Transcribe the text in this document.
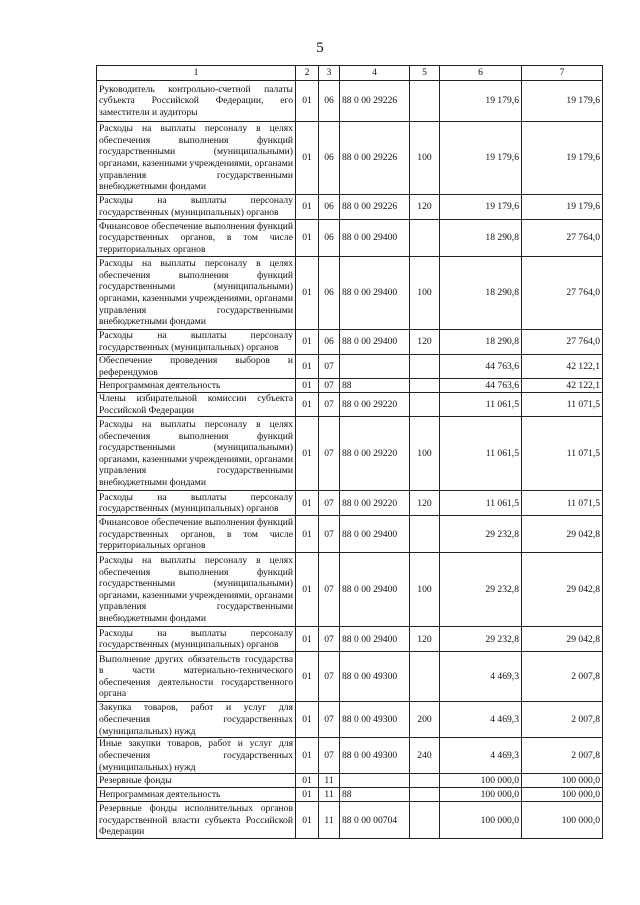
5
1	2	3	4	5	6	7
Руководитель контрольно-счетной палаты субъекта Российской Федерации, его заместители и аудиторы	01	06	88 0 00 29226		19 179,6	19 179,6
Расходы на выплаты персоналу в целях обеспечения выполнения функций государственными (муниципальными) органами, казенными учреждениями, органами управления государственными внебюджетными фондами	01	06	88 0 00 29226	100	19 179,6	19 179,6
Расходы на выплаты персоналу государственных (муниципальных) органов	01	06	88 0 00 29226	120	19 179,6	19 179,6
Финансовое обеспечение выполнения функций государственных органов, в том числе территориальных органов	01	06	88 0 00 29400		18 290,8	27 764,0
Расходы на выплаты персоналу в целях обеспечения выполнения функций государственными (муниципальными) органами, казенными учреждениями, органами управления государственными внебюджетными фондами	01	06	88 0 00 29400	100	18 290,8	27 764,0
Расходы на выплаты персоналу государственных (муниципальных) органов	01	06	88 0 00 29400	120	18 290,8	27 764,0
Обеспечение проведения выборов и референдумов	01	07			44 763,6	42 122,1
Непрограммная деятельность	01	07	88		44 763,6	42 122,1
Члены избирательной комиссии субъекта Российской Федерации	01	07	88 0 00 29220		11 061,5	11 071,5
Расходы на выплаты персоналу в целях обеспечения выполнения функций государственными (муниципальными) органами, казенными учреждениями, органами управления государственными внебюджетными фондами	01	07	88 0 00 29220	100	11 061,5	11 071,5
Расходы на выплаты персоналу государственных (муниципальных) органов	01	07	88 0 00 29220	120	11 061,5	11 071,5
Финансовое обеспечение выполнения функций государственных органов, в том числе территориальных органов	01	07	88 0 00 29400		29 232,8	29 042,8
Расходы на выплаты персоналу в целях обеспечения выполнения функций государственными (муниципальными) органами, казенными учреждениями, органами управления государственными внебюджетными фондами	01	07	88 0 00 29400	100	29 232,8	29 042,8
Расходы на выплаты персоналу государственных (муниципальных) органов	01	07	88 0 00 29400	120	29 232,8	29 042,8
Выполнение других обязательств государства в части материально-технического обеспечения деятельности государственного органа	01	07	88 0 00 49300		4 469,3	2 007,8
Закупка товаров, работ и услуг для обеспечения государственных (муниципальных) нужд	01	07	88 0 00 49300	200	4 469,3	2 007,8
Иные закупки товаров, работ и услуг для обеспечения государственных (муниципальных) нужд	01	07	88 0 00 49300	240	4 469,3	2 007,8
Резервные фонды	01	11			100 000,0	100 000,0
Непрограммная деятельность	01	11	88		100 000,0	100 000,0
Резервные фонды исполнительных органов государственной власти субъекта Российской Федерации	01	11	88 0 00 00704		100 000,0	100 000,0
